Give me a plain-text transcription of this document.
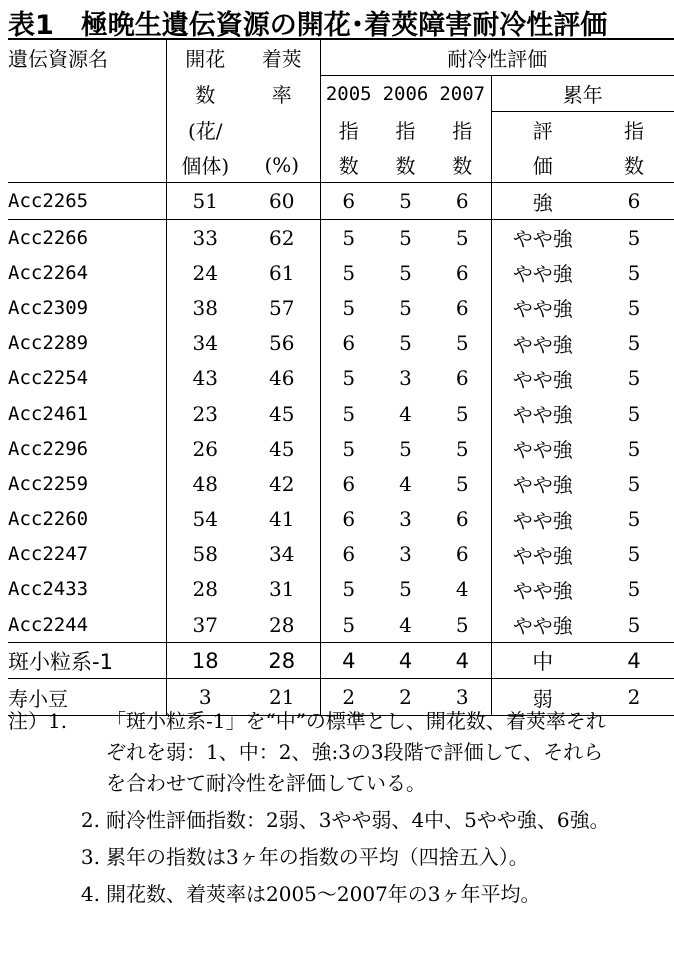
表1　極晩生遺伝資源の開花･着莢障害耐冷性評価
遺伝資源名	開花	着莢	耐冷性評価				
	数	率	2005	2006	2007	累年	
	(花/		指	指	指	評	指
	個体)	(%)	数	数	数	価	数
Acc2265	51	60	6	5	6	強	6
Acc2266	33	62	5	5	5	やや強	5
Acc2264	24	61	5	5	6	やや強	5
Acc2309	38	57	5	5	6	やや強	5
Acc2289	34	56	6	5	5	やや強	5
Acc2254	43	46	5	3	6	やや強	5
Acc2461	23	45	5	4	5	やや強	5
Acc2296	26	45	5	5	5	やや強	5
Acc2259	48	42	6	4	5	やや強	5
Acc2260	54	41	6	3	6	やや強	5
Acc2247	58	34	6	3	6	やや強	5
Acc2433	28	31	5	5	4	やや強	5
Acc2244	37	28	5	4	5	やや強	5
斑小粒系-1	18	28	4	4	4	中	4
寿小豆	3	21	2	2	3	弱	2
注）1.	「斑小粒系-1」を“中”の標準とし、開花数、着莢率それぞれを弱：1、中：2、強:3の3段階で評価して、それらを合わせて耐冷性を評価している。
2. 耐冷性評価指数：2弱、3やや弱、4中、5やや強、6強。
3. 累年の指数は3ヶ年の指数の平均（四捨五入）。
4. 開花数、着莢率は2005～2007年の3ヶ年平均。
